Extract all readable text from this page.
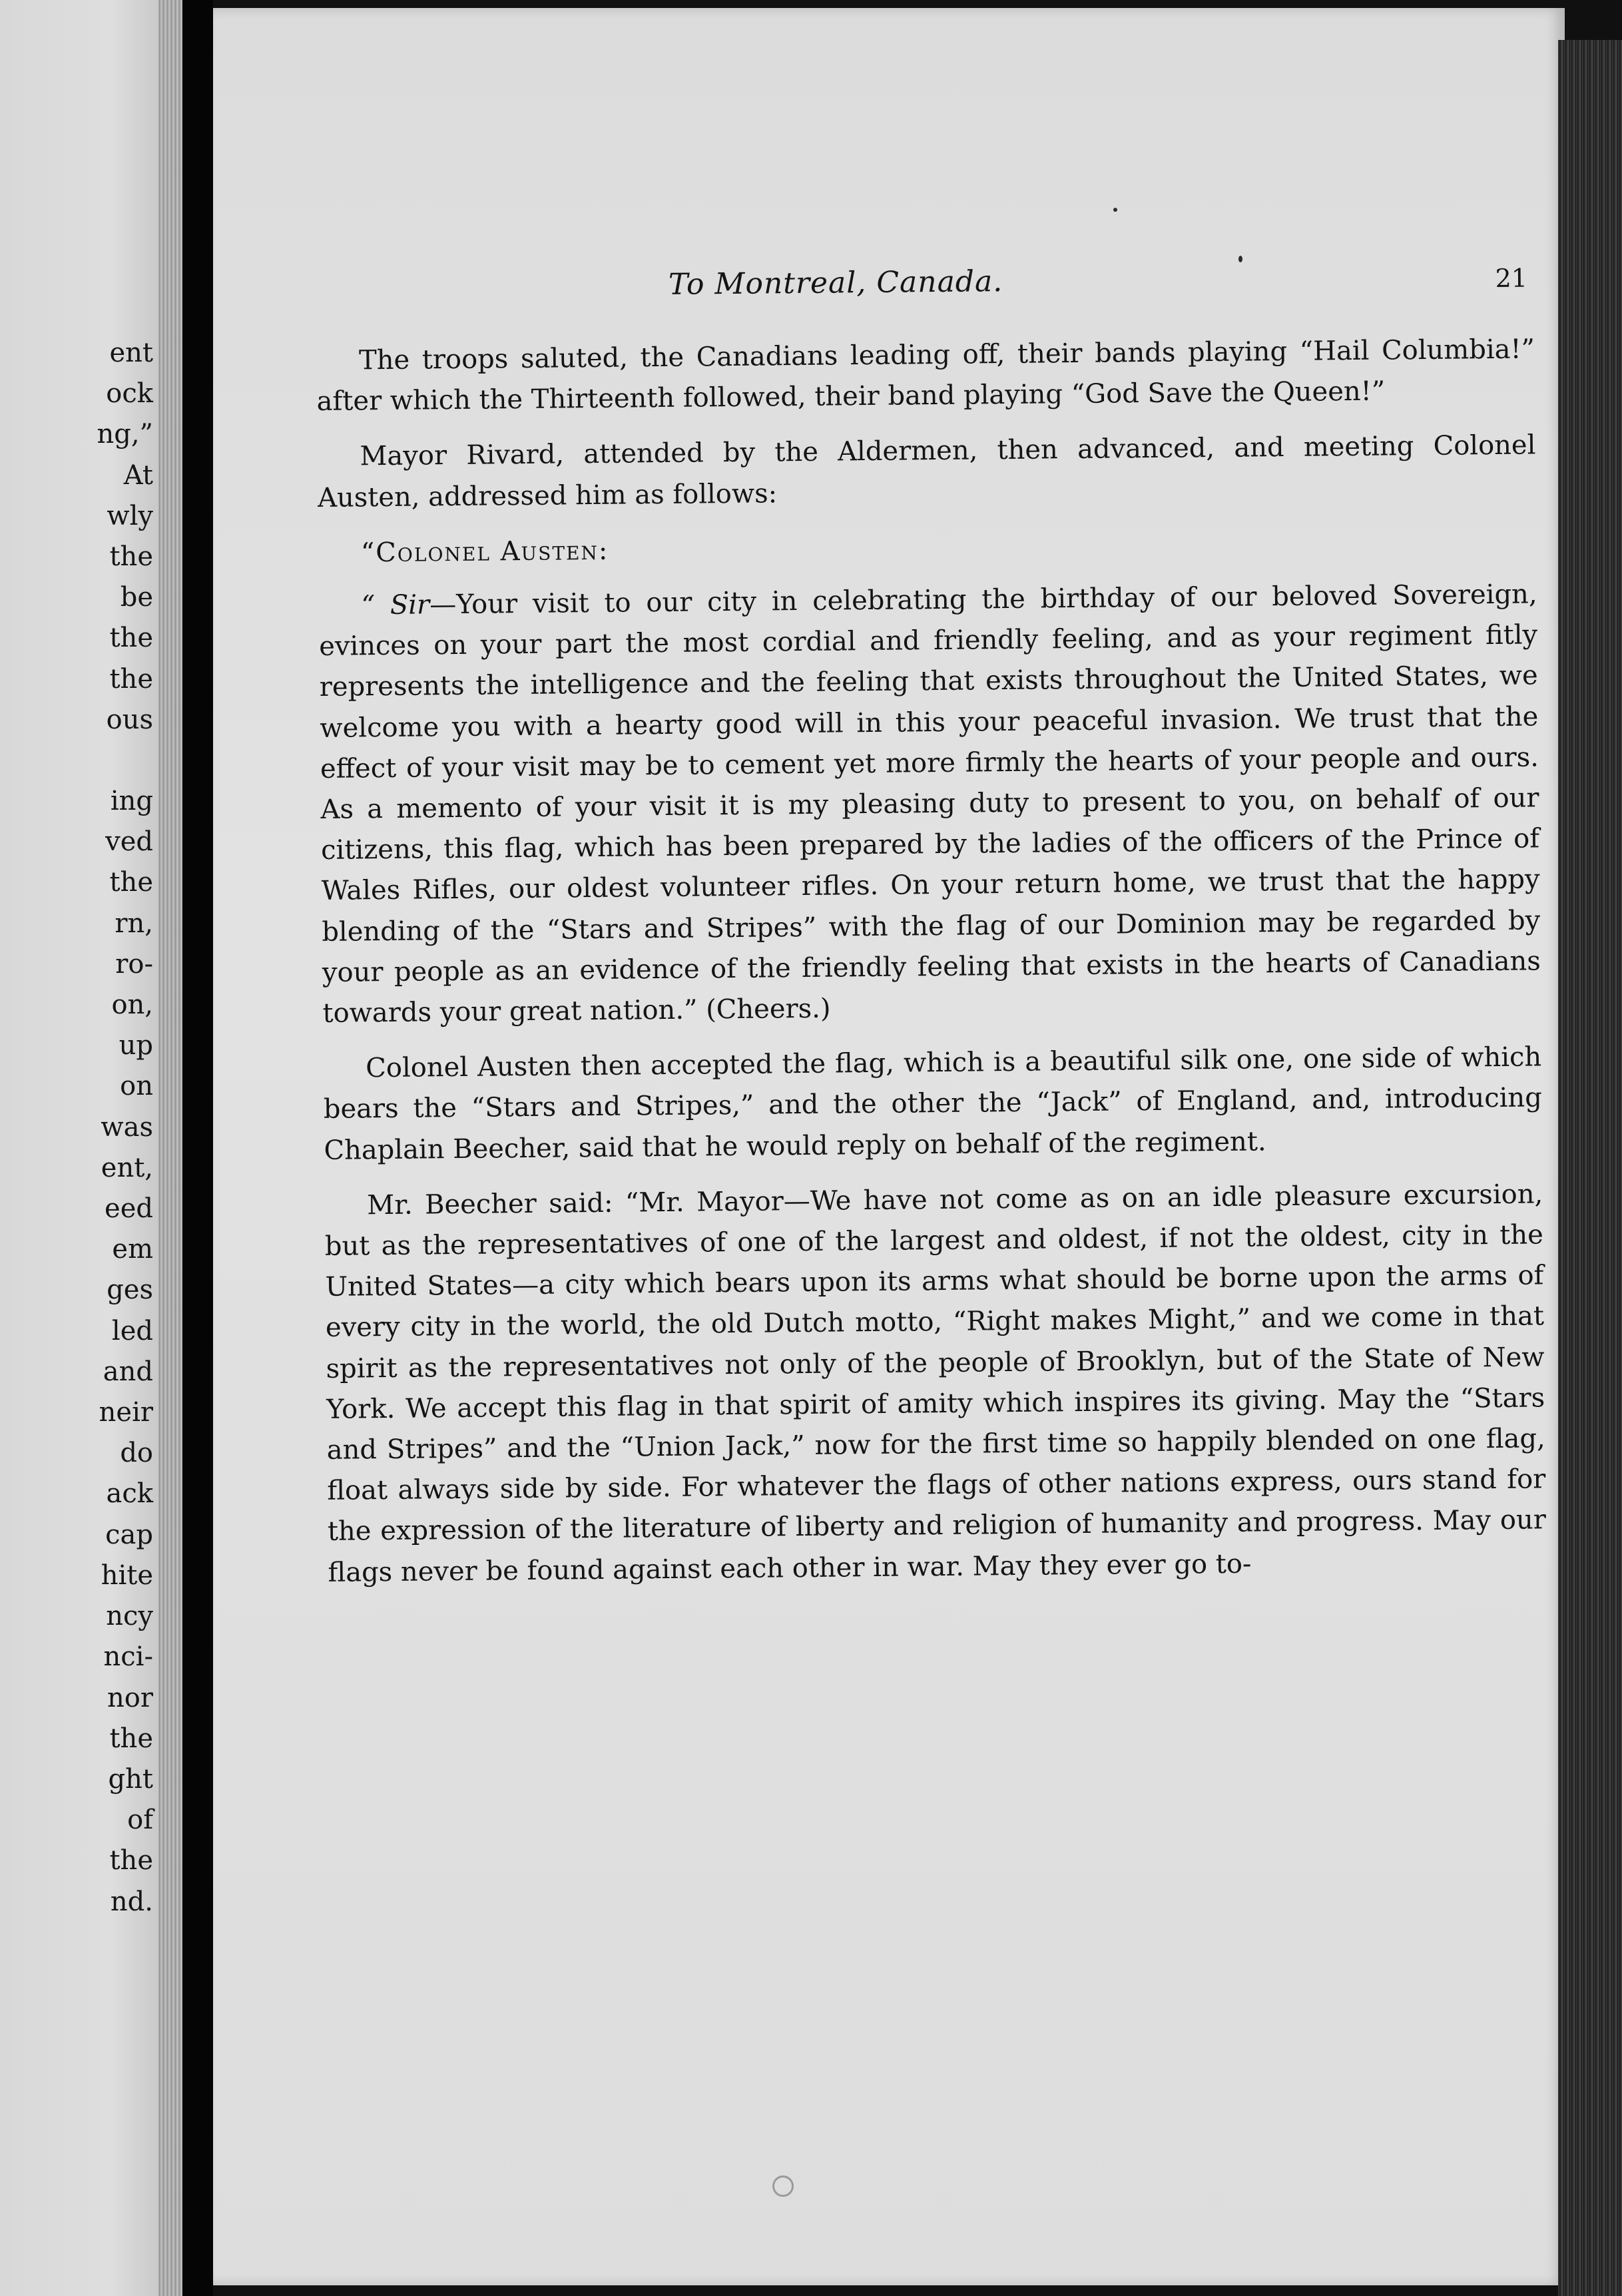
ent
ock
ng,”
At
wly
the
be
the
the
ous
ing
ved
the
rn,
ro-
on,
up
on
was
ent,
eed
em
ges
led
and
neir
do
ack
cap
hite
ncy
nci-
nor
the
ght
of
the
nd.
To Montreal, Canada.	21

The troops saluted, the Canadians leading off, their bands playing “Hail Columbia!” after which the Thirteenth followed, their band playing “God Save the Queen!”

Mayor Rivard, attended by the Aldermen, then advanced, and meeting Colonel Austen, addressed him as follows:

“Colonel Austen:

“ Sir—Your visit to our city in celebrating the birthday of our beloved Sovereign, evinces on your part the most cordial and friendly feeling, and as your regiment fitly represents the intelligence and the feeling that exists throughout the United States, we welcome you with a hearty good will in this your peaceful invasion. We trust that the effect of your visit may be to cement yet more firmly the hearts of your people and ours. As a memento of your visit it is my pleasing duty to present to you, on behalf of our citizens, this flag, which has been prepared by the ladies of the officers of the Prince of Wales Rifles, our oldest volunteer rifles. On your return home, we trust that the happy blending of the “Stars and Stripes” with the flag of our Dominion may be regarded by your people as an evidence of the friendly feeling that exists in the hearts of Canadians towards your great nation.” (Cheers.)

Colonel Austen then accepted the flag, which is a beautiful silk one, one side of which bears the “Stars and Stripes,” and the other the “Jack” of England, and, introducing Chaplain Beecher, said that he would reply on behalf of the regiment.

Mr. Beecher said: “Mr. Mayor—We have not come as on an idle pleasure excursion, but as the representatives of one of the largest and oldest, if not the oldest, city in the United States—a city which bears upon its arms what should be borne upon the arms of every city in the world, the old Dutch motto, “Right makes Might,” and we come in that spirit as the representatives not only of the people of Brooklyn, but of the State of New York. We accept this flag in that spirit of amity which inspires its giving. May the “Stars and Stripes” and the “Union Jack,” now for the first time so happily blended on one flag, float always side by side. For whatever the flags of other nations express, ours stand for the expression of the literature of liberty and religion of humanity and progress. May our flags never be found against each other in war. May they ever go to-
